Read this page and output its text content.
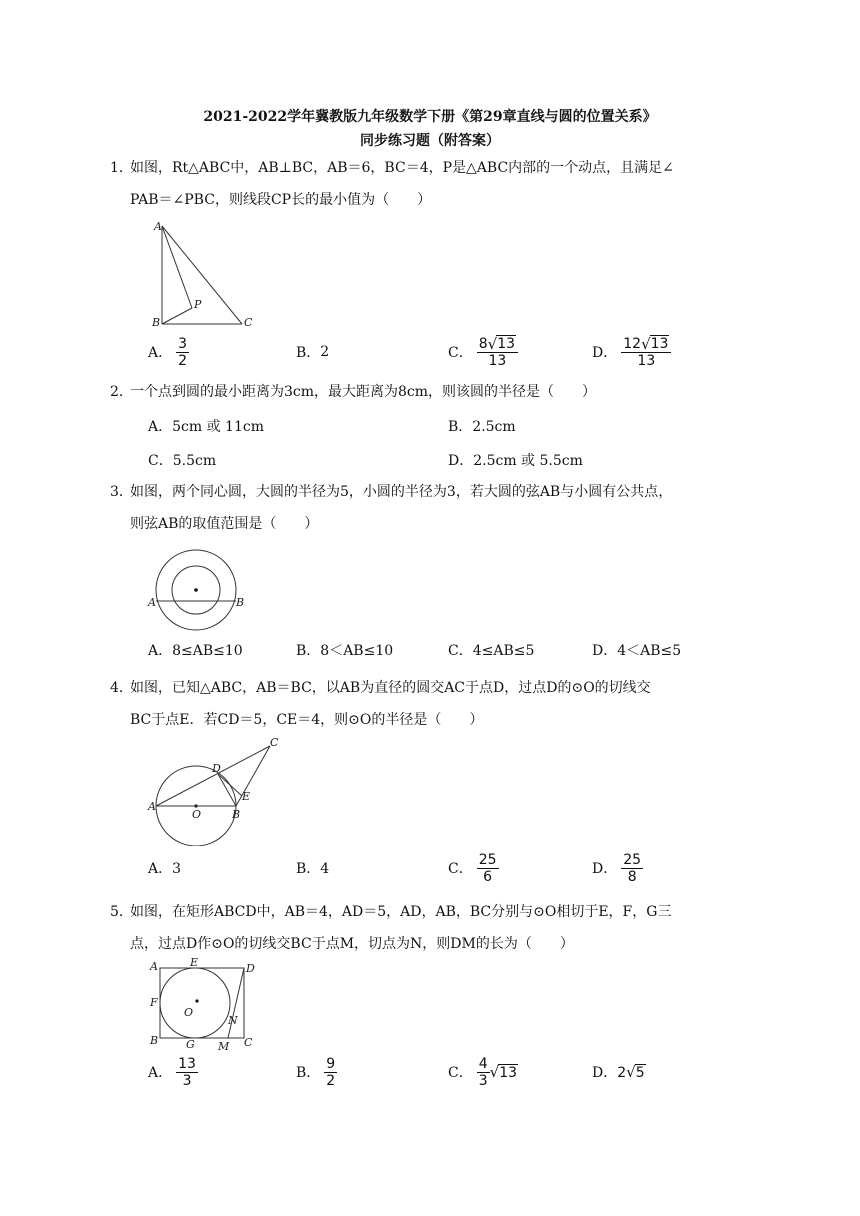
2021-2022学年冀教版九年级数学下册《第29章直线与圆的位置关系》
同步练习题（附答案）
1．如图，Rt△ABC中，AB⊥BC，AB＝6，BC＝4，P是△ABC内部的一个动点，且满足∠
PAB＝∠PBC，则线段CP长的最小值为（　　）
A
B	C
P
A． $\frac{3}{2}$	B． 2	C． $\frac{8 √ 13}{13}$	D． $\frac{12 √ 13}{13}$
2．一个点到圆的最小距离为3cm，最大距离为8cm，则该圆的半径是（　　）
A．5cm 或 11cm	B．2.5cm
C．5.5cm	D．2.5cm 或 5.5cm
3．如图，两个同心圆，大圆的半径为5，小圆的半径为3，若大圆的弦AB与小圆有公共点，
则弦AB的取值范围是（　　）
A	B
A．8≤AB≤10	B．8＜AB≤10	C．4≤AB≤5	D．4＜AB≤5
4．如图，已知△ABC，AB＝BC，以AB为直径的圆交AC于点D，过点D的⊙O的切线交
BC于点E．若CD＝5，CE＝4，则⊙O的半径是（　　）
A
B
C
D
E
O
A．3	B．4	C． $\frac{25}{6}$	D． $\frac{25}{8}$
5．如图，在矩形ABCD中，AB＝4，AD＝5，AD，AB，BC分别与⊙O相切于E，F，G三
点，过点D作⊙O的切线交BC于点M，切点为N，则DM的长为（　　）
A	E	D
F
O
N
B	G M C
A． $\frac{13}{3}$	B． $\frac{9}{2}$	C． $\frac{4}{3}$ √ 13	D． 2 √ 5
